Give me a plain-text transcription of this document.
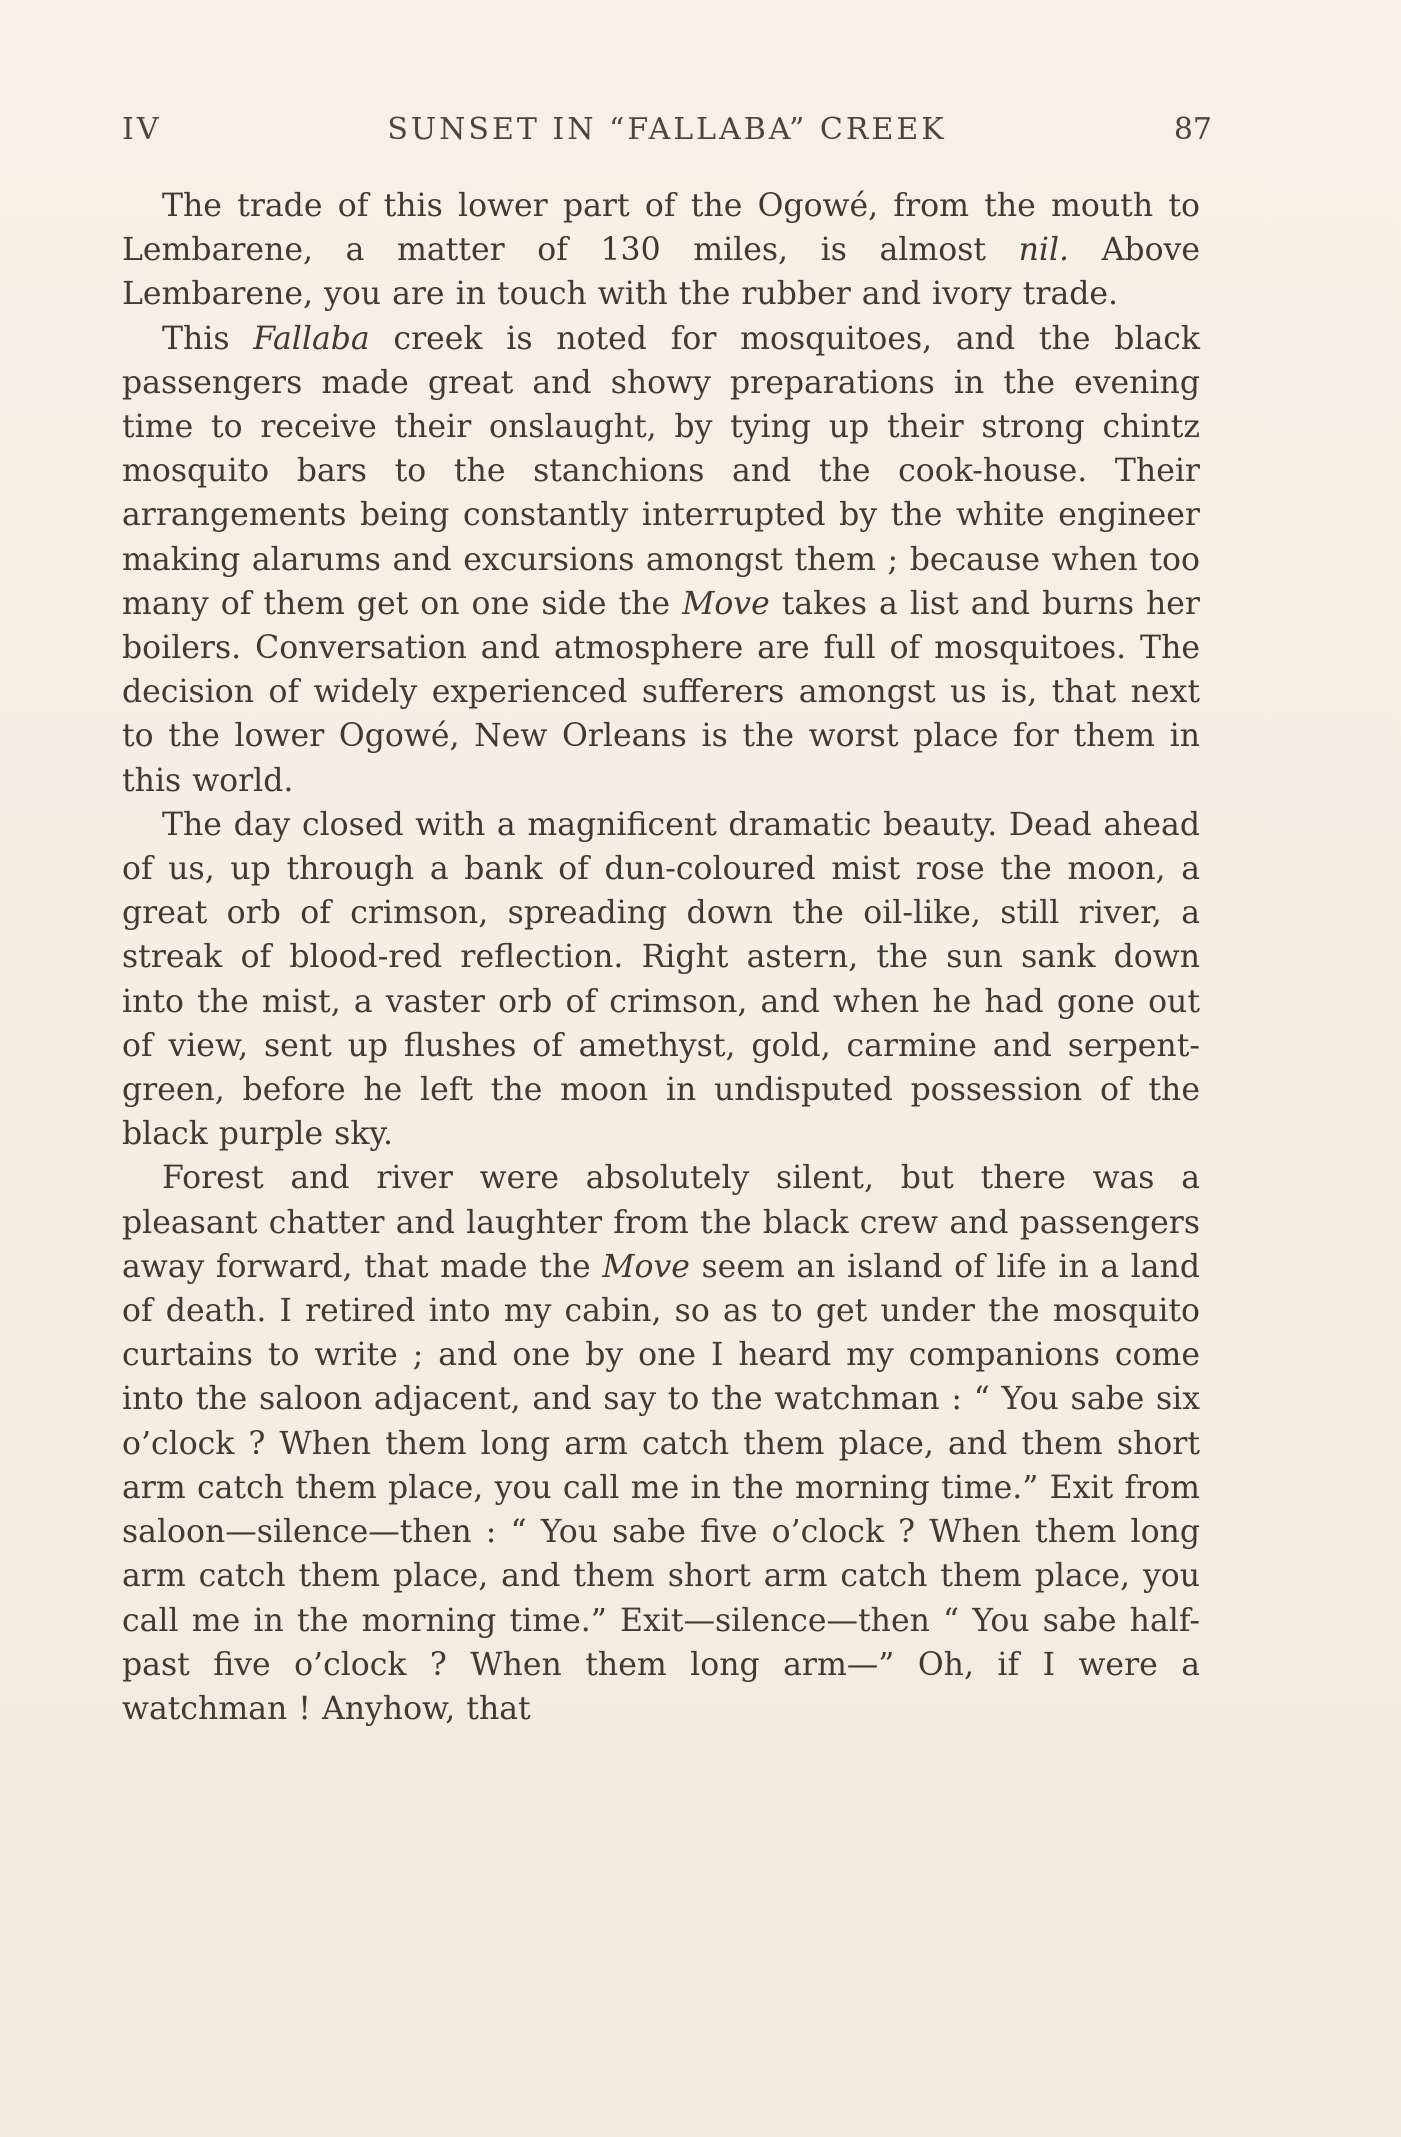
IV	SUNSET IN “FALLABA” CREEK	87

The trade of this lower part of the Ogowé, from the mouth to Lembarene, a matter of 130 miles, is almost nil. Above Lembarene, you are in touch with the rubber and ivory trade.

This Fallaba creek is noted for mosquitoes, and the black passengers made great and showy preparations in the evening time to receive their onslaught, by tying up their strong chintz mosquito bars to the stanchions and the cook-house. Their arrangements being constantly interrupted by the white engineer making alarums and excursions amongst them ; because when too many of them get on one side the Move takes a list and burns her boilers. Conversation and atmosphere are full of mosquitoes. The decision of widely experienced sufferers amongst us is, that next to the lower Ogowé, New Orleans is the worst place for them in this world.

The day closed with a magnificent dramatic beauty. Dead ahead of us, up through a bank of dun-coloured mist rose the moon, a great orb of crimson, spreading down the oil-like, still river, a streak of blood-red reflection. Right astern, the sun sank down into the mist, a vaster orb of crimson, and when he had gone out of view, sent up flushes of amethyst, gold, carmine and serpent-green, before he left the moon in undisputed possession of the black purple sky.

Forest and river were absolutely silent, but there was a pleasant chatter and laughter from the black crew and passengers away forward, that made the Move seem an island of life in a land of death. I retired into my cabin, so as to get under the mosquito curtains to write ; and one by one I heard my companions come into the saloon adjacent, and say to the watchman : “ You sabe six o’clock ? When them long arm catch them place, and them short arm catch them place, you call me in the morning time.” Exit from saloon—silence—then : “ You sabe five o’clock ? When them long arm catch them place, and them short arm catch them place, you call me in the morning time.” Exit—silence—then “ You sabe half-past five o’clock ? When them long arm—” Oh, if I were a watchman ! Anyhow, that
